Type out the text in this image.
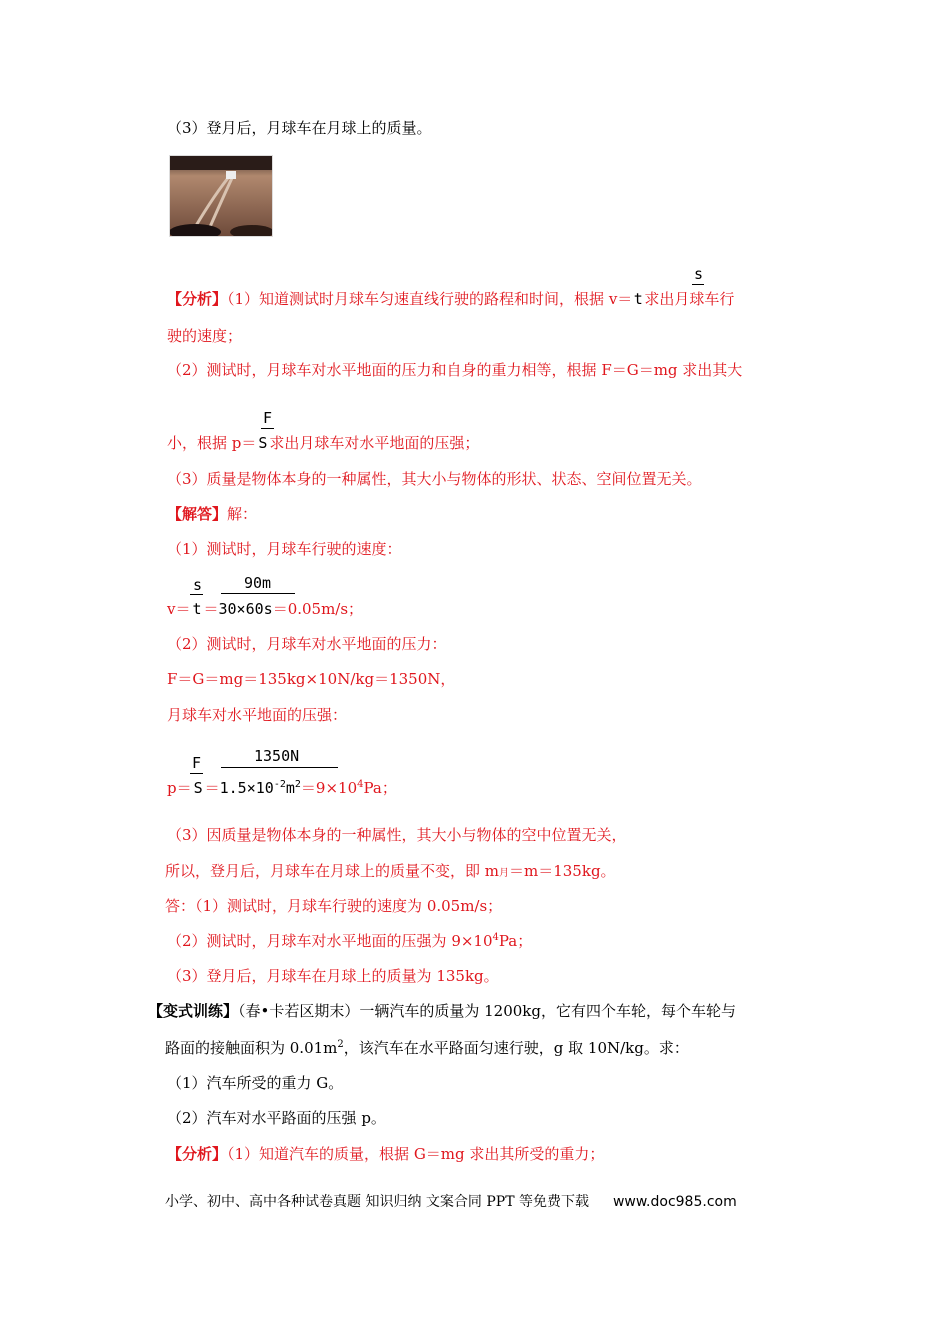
（3）登月后，月球车在月球上的质量。
s
【分析】（1）知道测试时月球车匀速直线行驶的路程和时间，根据 v＝t求出月球车行
驶的速度；
（2）测试时，月球车对水平地面的压力和自身的重力相等，根据 F＝G＝mg 求出其大
F
小，根据 p＝ S 求出月球车对水平地面的压强；
（3）质量是物体本身的一种属性，其大小与物体的形状、状态、空间位置无关。
【解答】解：
（1）测试时，月球车行驶的速度：
s	90m
v＝ t ＝30×60s＝0.05m/s；
（2）测试时，月球车对水平地面的压力：
F＝G＝mg＝135kg×10N/kg＝1350N，
月球车对水平地面的压强：
F	1350N
$p= S =1.5\times 10^{-2}m^2=9\times 10^4Pa$；
（3）因质量是物体本身的一种属性，其大小与物体的空中位置无关，
所以，登月后，月球车在月球上的质量不变，即 m月＝m＝135kg。
答：（1）测试时，月球车行驶的速度为 0.05m/s；
（2）测试时，月球车对水平地面的压强为 $9\times 10^4Pa$；
（3）登月后，月球车在月球上的质量为 135kg。
【变式训练】（春•卡若区期末）一辆汽车的质量为 1200kg，它有四个车轮，每个车轮与
路面的接触面积为 $0.01m^2$，该汽车在水平路面匀速行驶，g 取 10N/kg。求：
（1）汽车所受的重力 G。
（2）汽车对水平路面的压强 p。
【分析】（1）知道汽车的质量，根据 G＝mg 求出其所受的重力；
小学、初中、高中各种试卷真题 知识归纳 文案合同 PPT 等免费下载 www.doc985.com
